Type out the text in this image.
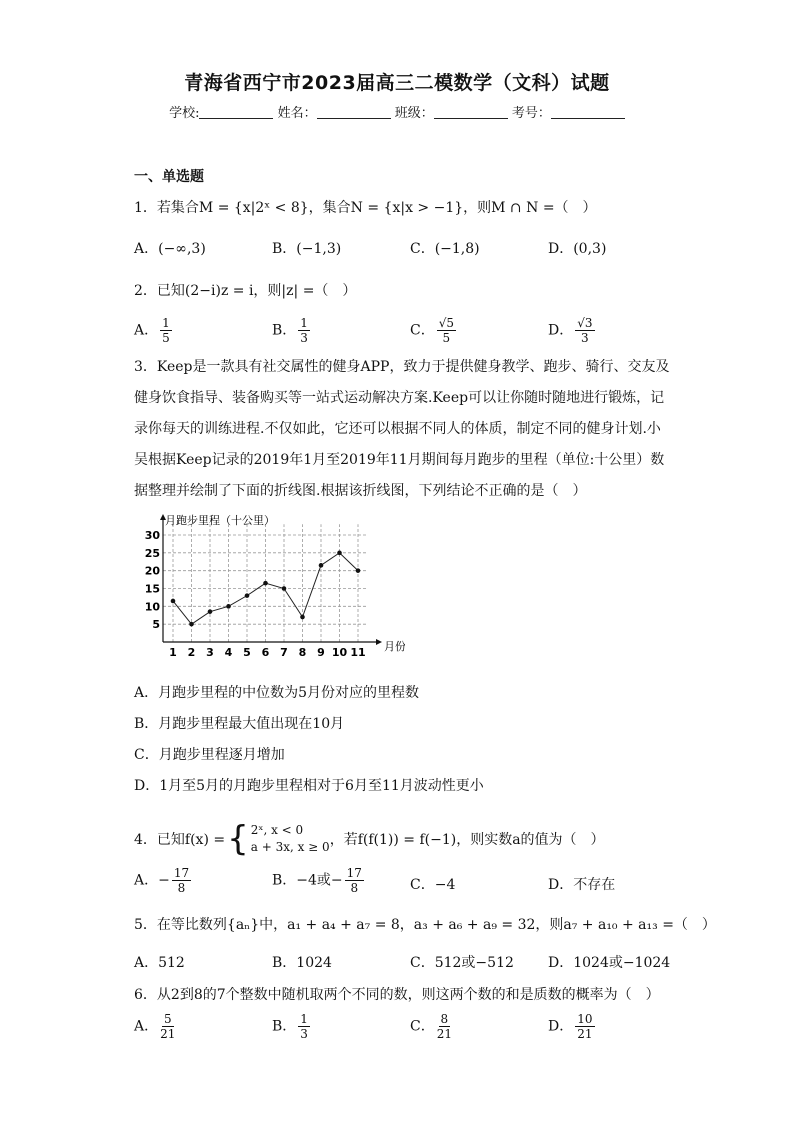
青海省西宁市2023届高三二模数学（文科）试题
学校:	姓名：	班级：	考号：
一、单选题
1．若集合M = {x|2ˣ < 8}，集合N = {x|x > −1}，则M ∩ N =（　）
A．(−∞,3)	B．(−1,3)	C．(−1,8)	D．(0,3)
2．已知(2−i)z = i，则|z| =（　）
A． $\frac{1}{5}$	B． $\frac{1}{3}$	C． $\frac{√5}{5}$	D． $\frac{√3}{3}$
3．Keep是一款具有社交属性的健身APP，致力于提供健身教学、跑步、骑行、交友及健身饮食指导、装备购买等一站式运动解决方案.Keep可以让你随时随地进行锻炼，记录你每天的训练进程.不仅如此，它还可以根据不同人的体质，制定不同的健身计划.小吴根据Keep记录的2019年1月至2019年11月期间每月跑步的里程（单位:十公里）数据整理并绘制了下面的折线图.根据该折线图，下列结论不正确的是（　）
5
10
15
20
25
30
1 2 3 4 5 6 7 8 9 10 11
月跑步里程（十公里）
月份
A．月跑步里程的中位数为5月份对应的里程数
B．月跑步里程最大值出现在10月
C．月跑步里程逐月增加
D．1月至5月的月跑步里程相对于6月至11月波动性更小
4．已知f(x) = { 2ˣ, x < 0
a + 3x, x ≥ 0 ，若f(f(1)) = f(−1)，则实数a的值为（　）
A．− $\frac{17}{8}$	B．−4或− $\frac{17}{8}$	C．−4	D．不存在
5．在等比数列{aₙ}中，a₁ + a₄ + a₇ = 8，a₃ + a₆ + a₉ = 32，则a₇ + a₁₀ + a₁₃ =（　）
A．512	B．1024	C．512或−512 D．1024或−1024
6．从2到8的7个整数中随机取两个不同的数，则这两个数的和是质数的概率为（　）
A． $\frac{5}{21}$	B． $\frac{1}{3}$	C． $\frac{8}{21}$	D． $\frac{10}{21}$
